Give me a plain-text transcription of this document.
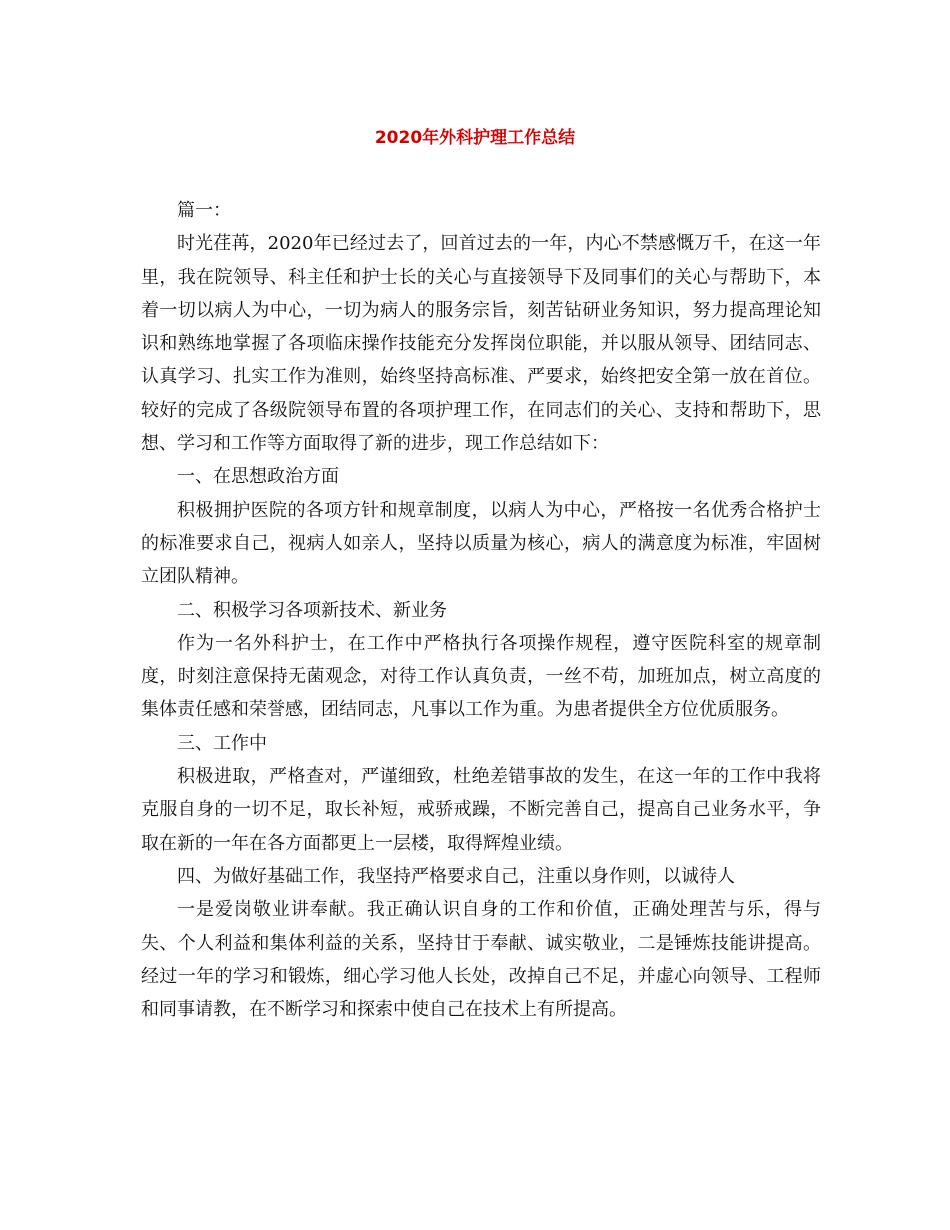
2020年外科护理工作总结

篇一：

时光荏苒，2020年已经过去了，回首过去的一年，内心不禁感慨万千，在这一年里，我在院领导、科主任和护士长的关心与直接领导下及同事们的关心与帮助下，本着一切以病人为中心，一切为病人的服务宗旨，刻苦钻研业务知识，努力提高理论知识和熟练地掌握了各项临床操作技能充分发挥岗位职能，并以服从领导、团结同志、认真学习、扎实工作为准则，始终坚持高标准、严要求，始终把安全第一放在首位。较好的完成了各级院领导布置的各项护理工作，在同志们的关心、支持和帮助下，思想、学习和工作等方面取得了新的进步，现工作总结如下：

一、在思想政治方面

积极拥护医院的各项方针和规章制度，以病人为中心，严格按一名优秀合格护士的标准要求自己，视病人如亲人，坚持以质量为核心，病人的满意度为标准，牢固树立团队精神。

二、积极学习各项新技术、新业务

作为一名外科护士，在工作中严格执行各项操作规程，遵守医院科室的规章制度，时刻注意保持无菌观念，对待工作认真负责，一丝不苟，加班加点，树立高度的集体责任感和荣誉感，团结同志，凡事以工作为重。为患者提供全方位优质服务。

三、工作中

积极进取，严格查对，严谨细致，杜绝差错事故的发生，在这一年的工作中我将克服自身的一切不足，取长补短，戒骄戒躁，不断完善自己，提高自己业务水平，争取在新的一年在各方面都更上一层楼，取得辉煌业绩。

四、为做好基础工作，我坚持严格要求自己，注重以身作则，以诚待人

一是爱岗敬业讲奉献。我正确认识自身的工作和价值，正确处理苦与乐，得与失、个人利益和集体利益的关系，坚持甘于奉献、诚实敬业，二是锤炼技能讲提高。经过一年的学习和锻炼，细心学习他人长处，改掉自己不足，并虚心向领导、工程师和同事请教，在不断学习和探索中使自己在技术上有所提高。
